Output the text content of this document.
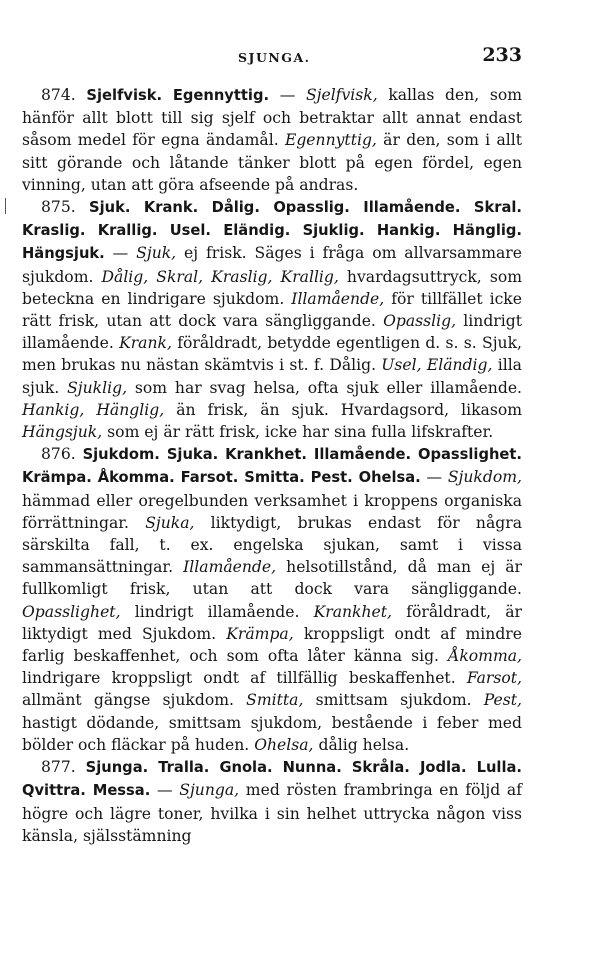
SJUNGA.	233

874. Sjelfvisk. Egennyttig. — Sjelfvisk, kallas den, som hänför allt blott till sig sjelf och betraktar allt annat endast såsom medel för egna ändamål. Egennyttig, är den, som i allt sitt görande och låtande tänker blott på egen fördel, egen vinning, utan att göra afseende på andras.

875. Sjuk. Krank. Dålig. Opasslig. Illamående. Skral. Kraslig. Krallig. Usel. Eländig. Sjuklig. Hankig. Hänglig. Hängsjuk. — Sjuk, ej frisk. Säges i fråga om allvarsammare sjukdom. Dålig, Skral, Kraslig, Krallig, hvardagsuttryck, som beteckna en lindrigare sjukdom. Illamående, för tillfället icke rätt frisk, utan att dock vara sängliggande. Opasslig, lindrigt illamående. Krank, föråldradt, betydde egentligen d. s. s. Sjuk, men brukas nu nästan skämtvis i st. f. Dålig. Usel, Eländig, illa sjuk. Sjuklig, som har svag helsa, ofta sjuk eller illamående. Hankig, Hänglig, än frisk, än sjuk. Hvardagsord, likasom Hängsjuk, som ej är rätt frisk, icke har sina fulla lifskrafter.

876. Sjukdom. Sjuka. Krankhet. Illamående. Opasslighet. Krämpa. Åkomma. Farsot. Smitta. Pest. Ohelsa. — Sjukdom, hämmad eller oregelbunden verksamhet i kroppens organiska förrättningar. Sjuka, liktydigt, brukas endast för några särskilta fall, t. ex. engelska sjukan, samt i vissa sammansättningar. Illamående, helsotillstånd, då man ej är fullkomligt frisk, utan att dock vara sängliggande. Opasslighet, lindrigt illamående. Krankhet, föråldradt, är liktydigt med Sjukdom. Krämpa, kroppsligt ondt af mindre farlig beskaffenhet, och som ofta låter känna sig. Åkomma, lindrigare kroppsligt ondt af tillfällig beskaffenhet. Farsot, allmänt gängse sjukdom. Smitta, smittsam sjukdom. Pest, hastigt dödande, smittsam sjukdom, bestående i feber med bölder och fläckar på huden. Ohelsa, dålig helsa.

877. Sjunga. Tralla. Gnola. Nunna. Skråla. Jodla. Lulla. Qvittra. Messa. — Sjunga, med rösten frambringa en följd af högre och lägre toner, hvilka i sin helhet uttrycka någon viss känsla, själsstämning
